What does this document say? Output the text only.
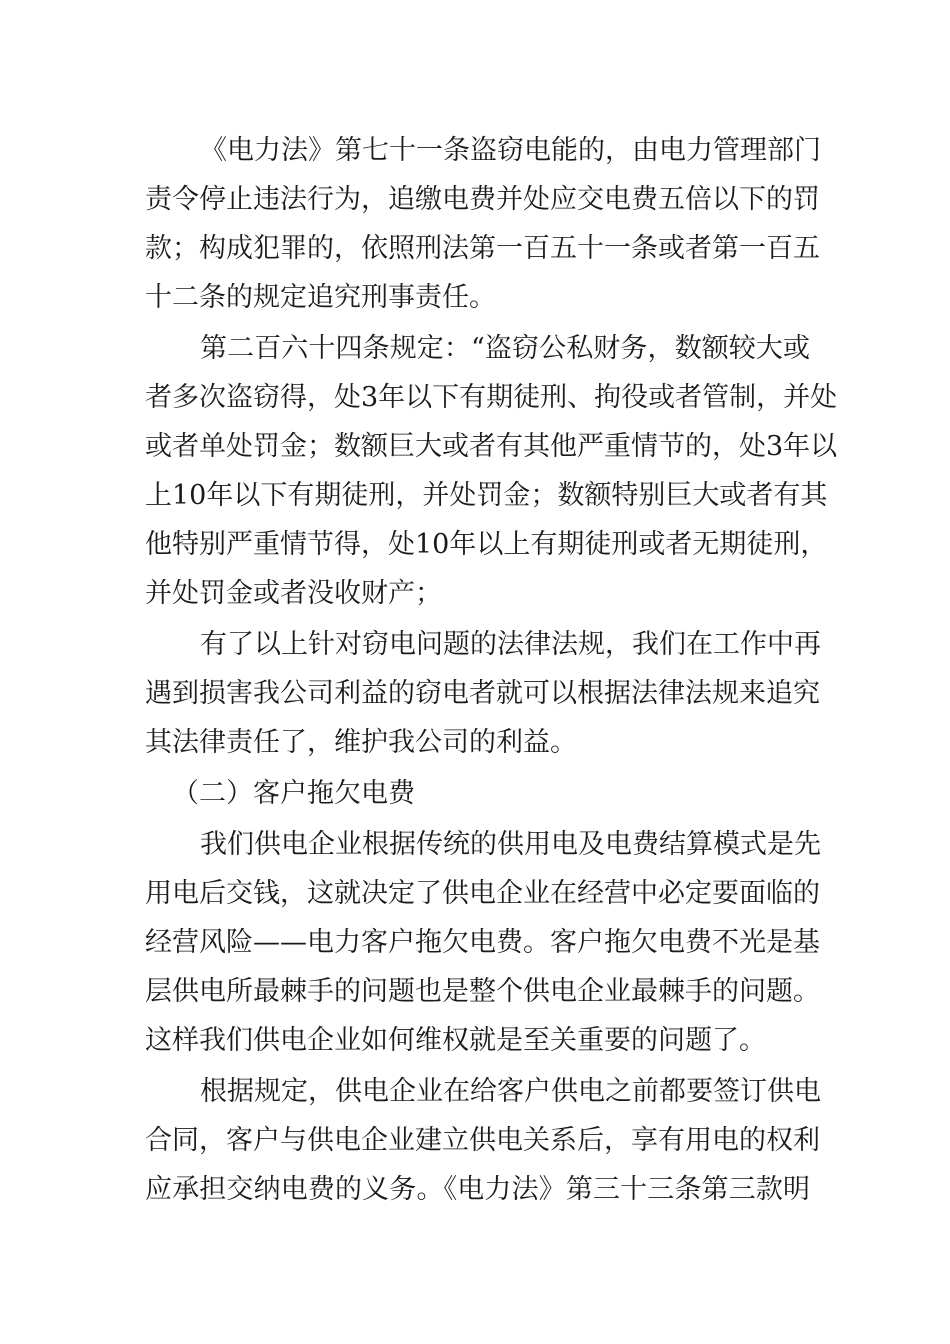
《电力法》第七十一条盗窃电能的，由电力管理部门
责令停止违法行为，追缴电费并处应交电费五倍以下的罚
款；构成犯罪的，依照刑法第一百五十一条或者第一百五
十二条的规定追究刑事责任。
第二百六十四条规定：“盗窃公私财务，数额较大或
者多次盗窃得，处3年以下有期徒刑、拘役或者管制，并处
或者单处罚金；数额巨大或者有其他严重情节的，处3年以
上10年以下有期徒刑，并处罚金；数额特别巨大或者有其
他特别严重情节得，处10年以上有期徒刑或者无期徒刑，
并处罚金或者没收财产；
有了以上针对窃电问题的法律法规，我们在工作中再
遇到损害我公司利益的窃电者就可以根据法律法规来追究
其法律责任了，维护我公司的利益。
（二）客户拖欠电费
我们供电企业根据传统的供用电及电费结算模式是先
用电后交钱，这就决定了供电企业在经营中必定要面临的
经营风险——电力客户拖欠电费。客户拖欠电费不光是基
层供电所最棘手的问题也是整个供电企业最棘手的问题。
这样我们供电企业如何维权就是至关重要的问题了。
根据规定，供电企业在给客户供电之前都要签订供电
合同，客户与供电企业建立供电关系后，享有用电的权利
应承担交纳电费的义务。《电力法》第三十三条第三款明
